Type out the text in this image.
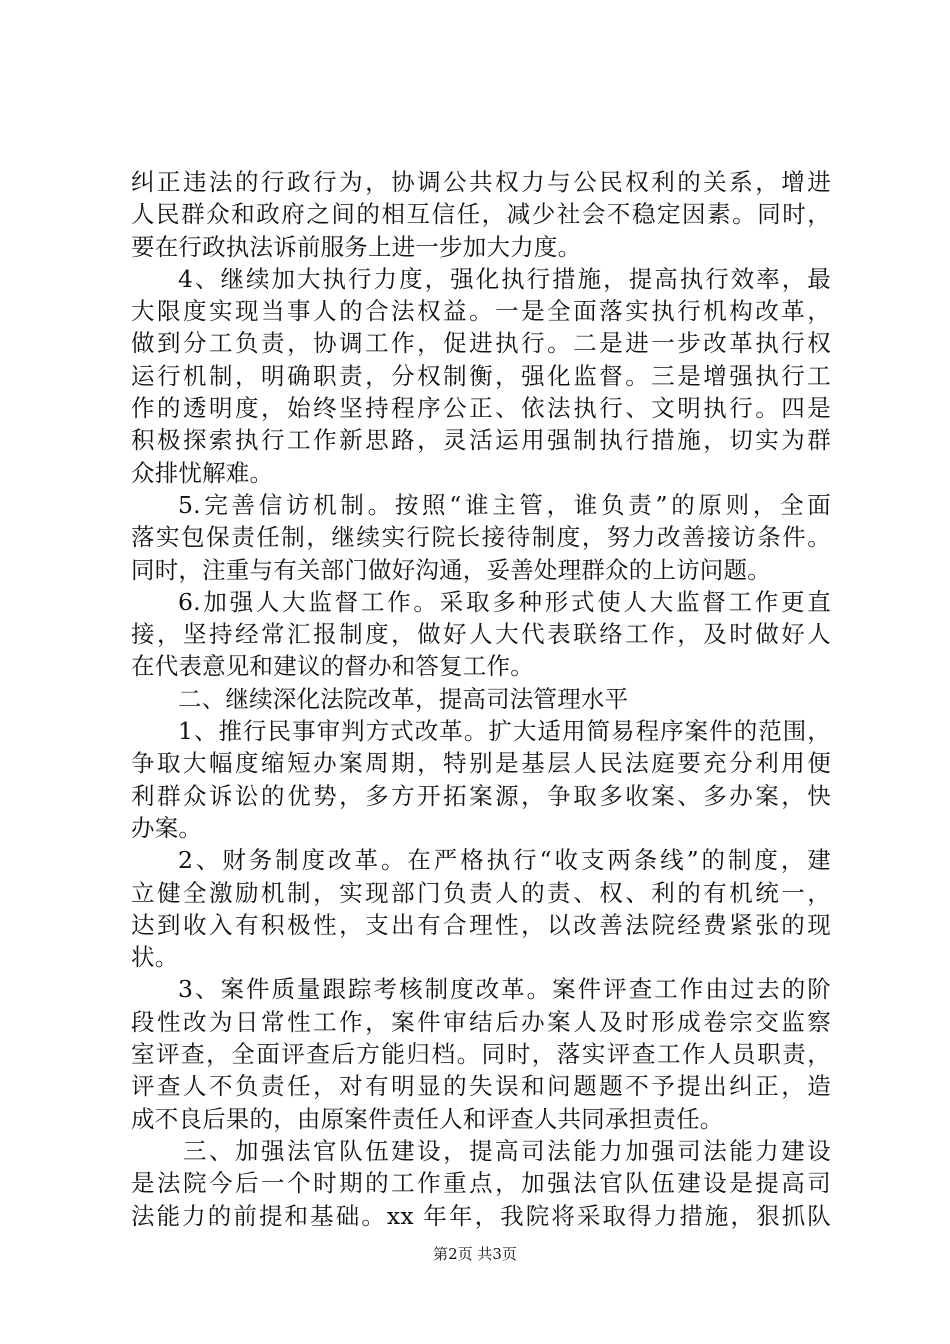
纠正违法的行政行为，协调公共权力与公民权利的关系，增进
人民群众和政府之间的相互信任，减少社会不稳定因素。同时，
要在行政执法诉前服务上进一步加大力度。
4、继续加大执行力度，强化执行措施，提高执行效率，最
大限度实现当事人的合法权益。一是全面落实执行机构改革，
做到分工负责，协调工作，促进执行。二是进一步改革执行权
运行机制，明确职责，分权制衡，强化监督。三是增强执行工
作的透明度，始终坚持程序公正、依法执行、文明执行。四是
积极探索执行工作新思路，灵活运用强制执行措施，切实为群
众排忧解难。
5.完善信访机制。按照“谁主管，谁负责”的原则，全面
落实包保责任制，继续实行院长接待制度，努力改善接访条件。
同时，注重与有关部门做好沟通，妥善处理群众的上访问题。
6.加强人大监督工作。采取多种形式使人大监督工作更直
接，坚持经常汇报制度，做好人大代表联络工作，及时做好人
在代表意见和建议的督办和答复工作。
二、继续深化法院改革，提高司法管理水平
1、推行民事审判方式改革。扩大适用简易程序案件的范围，
争取大幅度缩短办案周期，特别是基层人民法庭要充分利用便
利群众诉讼的优势，多方开拓案源，争取多收案、多办案，快
办案。
2、财务制度改革。在严格执行“收支两条线”的制度，建
立健全激励机制，实现部门负责人的责、权、利的有机统一，
达到收入有积极性，支出有合理性，以改善法院经费紧张的现
状。
3、案件质量跟踪考核制度改革。案件评查工作由过去的阶
段性改为日常性工作，案件审结后办案人及时形成卷宗交监察
室评查，全面评查后方能归档。同时，落实评查工作人员职责，
评查人不负责任，对有明显的失误和问题题不予提出纠正，造
成不良后果的，由原案件责任人和评查人共同承担责任。
三、加强法官队伍建设，提高司法能力加强司法能力建设
是法院今后一个时期的工作重点，加强法官队伍建设是提高司
法能力的前提和基础。xx 年年，我院将采取得力措施，狠抓队
第2页 共3页
